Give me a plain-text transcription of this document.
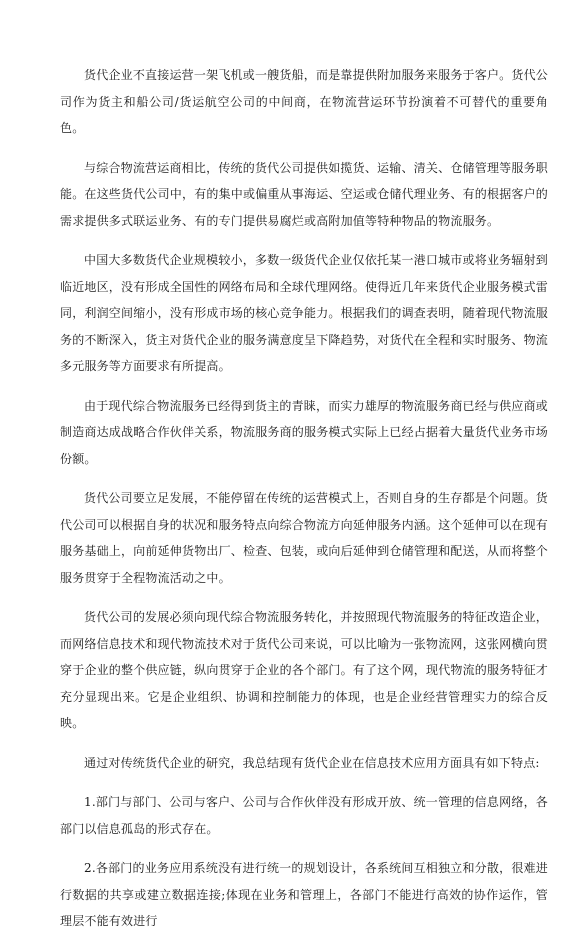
货代企业不直接运营一架飞机或一艘货船，而是靠提供附加服务来服务于客户。货代公司作为货主和船公司/货运航空公司的中间商，在物流营运环节扮演着不可替代的重要角色。

与综合物流营运商相比，传统的货代公司提供如揽货、运输、清关、仓储管理等服务职能。在这些货代公司中，有的集中或偏重从事海运、空运或仓储代理业务、有的根据客户的需求提供多式联运业务、有的专门提供易腐烂或高附加值等特种物品的物流服务。

中国大多数货代企业规模较小，多数一级货代企业仅依托某一港口城市或将业务辐射到临近地区，没有形成全国性的网络布局和全球代理网络。使得近几年来货代企业服务模式雷同，利润空间缩小，没有形成市场的核心竞争能力。根据我们的调查表明，随着现代物流服务的不断深入，货主对货代企业的服务满意度呈下降趋势，对货代在全程和实时服务、物流多元服务等方面要求有所提高。

由于现代综合物流服务已经得到货主的青睐，而实力雄厚的物流服务商已经与供应商或制造商达成战略合作伙伴关系，物流服务商的服务模式实际上已经占据着大量货代业务市场份额。

货代公司要立足发展，不能停留在传统的运营模式上，否则自身的生存都是个问题。货代公司可以根据自身的状况和服务特点向综合物流方向延伸服务内涵。这个延伸可以在现有服务基础上，向前延伸货物出厂、检查、包装，或向后延伸到仓储管理和配送，从而将整个服务贯穿于全程物流活动之中。

货代公司的发展必须向现代综合物流服务转化，并按照现代物流服务的特征改造企业，而网络信息技术和现代物流技术对于货代公司来说，可以比喻为一张物流网，这张网横向贯穿于企业的整个供应链，纵向贯穿于企业的各个部门。有了这个网，现代物流的服务特征才充分显现出来。它是企业组织、协调和控制能力的体现，也是企业经营管理实力的综合反映。

通过对传统货代企业的研究，我总结现有货代企业在信息技术应用方面具有如下特点:

1.部门与部门、公司与客户、公司与合作伙伴没有形成开放、统一管理的信息网络，各部门以信息孤岛的形式存在。

2.各部门的业务应用系统没有进行统一的规划设计，各系统间互相独立和分散，很难进行数据的共享或建立数据连接;体现在业务和管理上，各部门不能进行高效的协作运作，管理层不能有效进行
